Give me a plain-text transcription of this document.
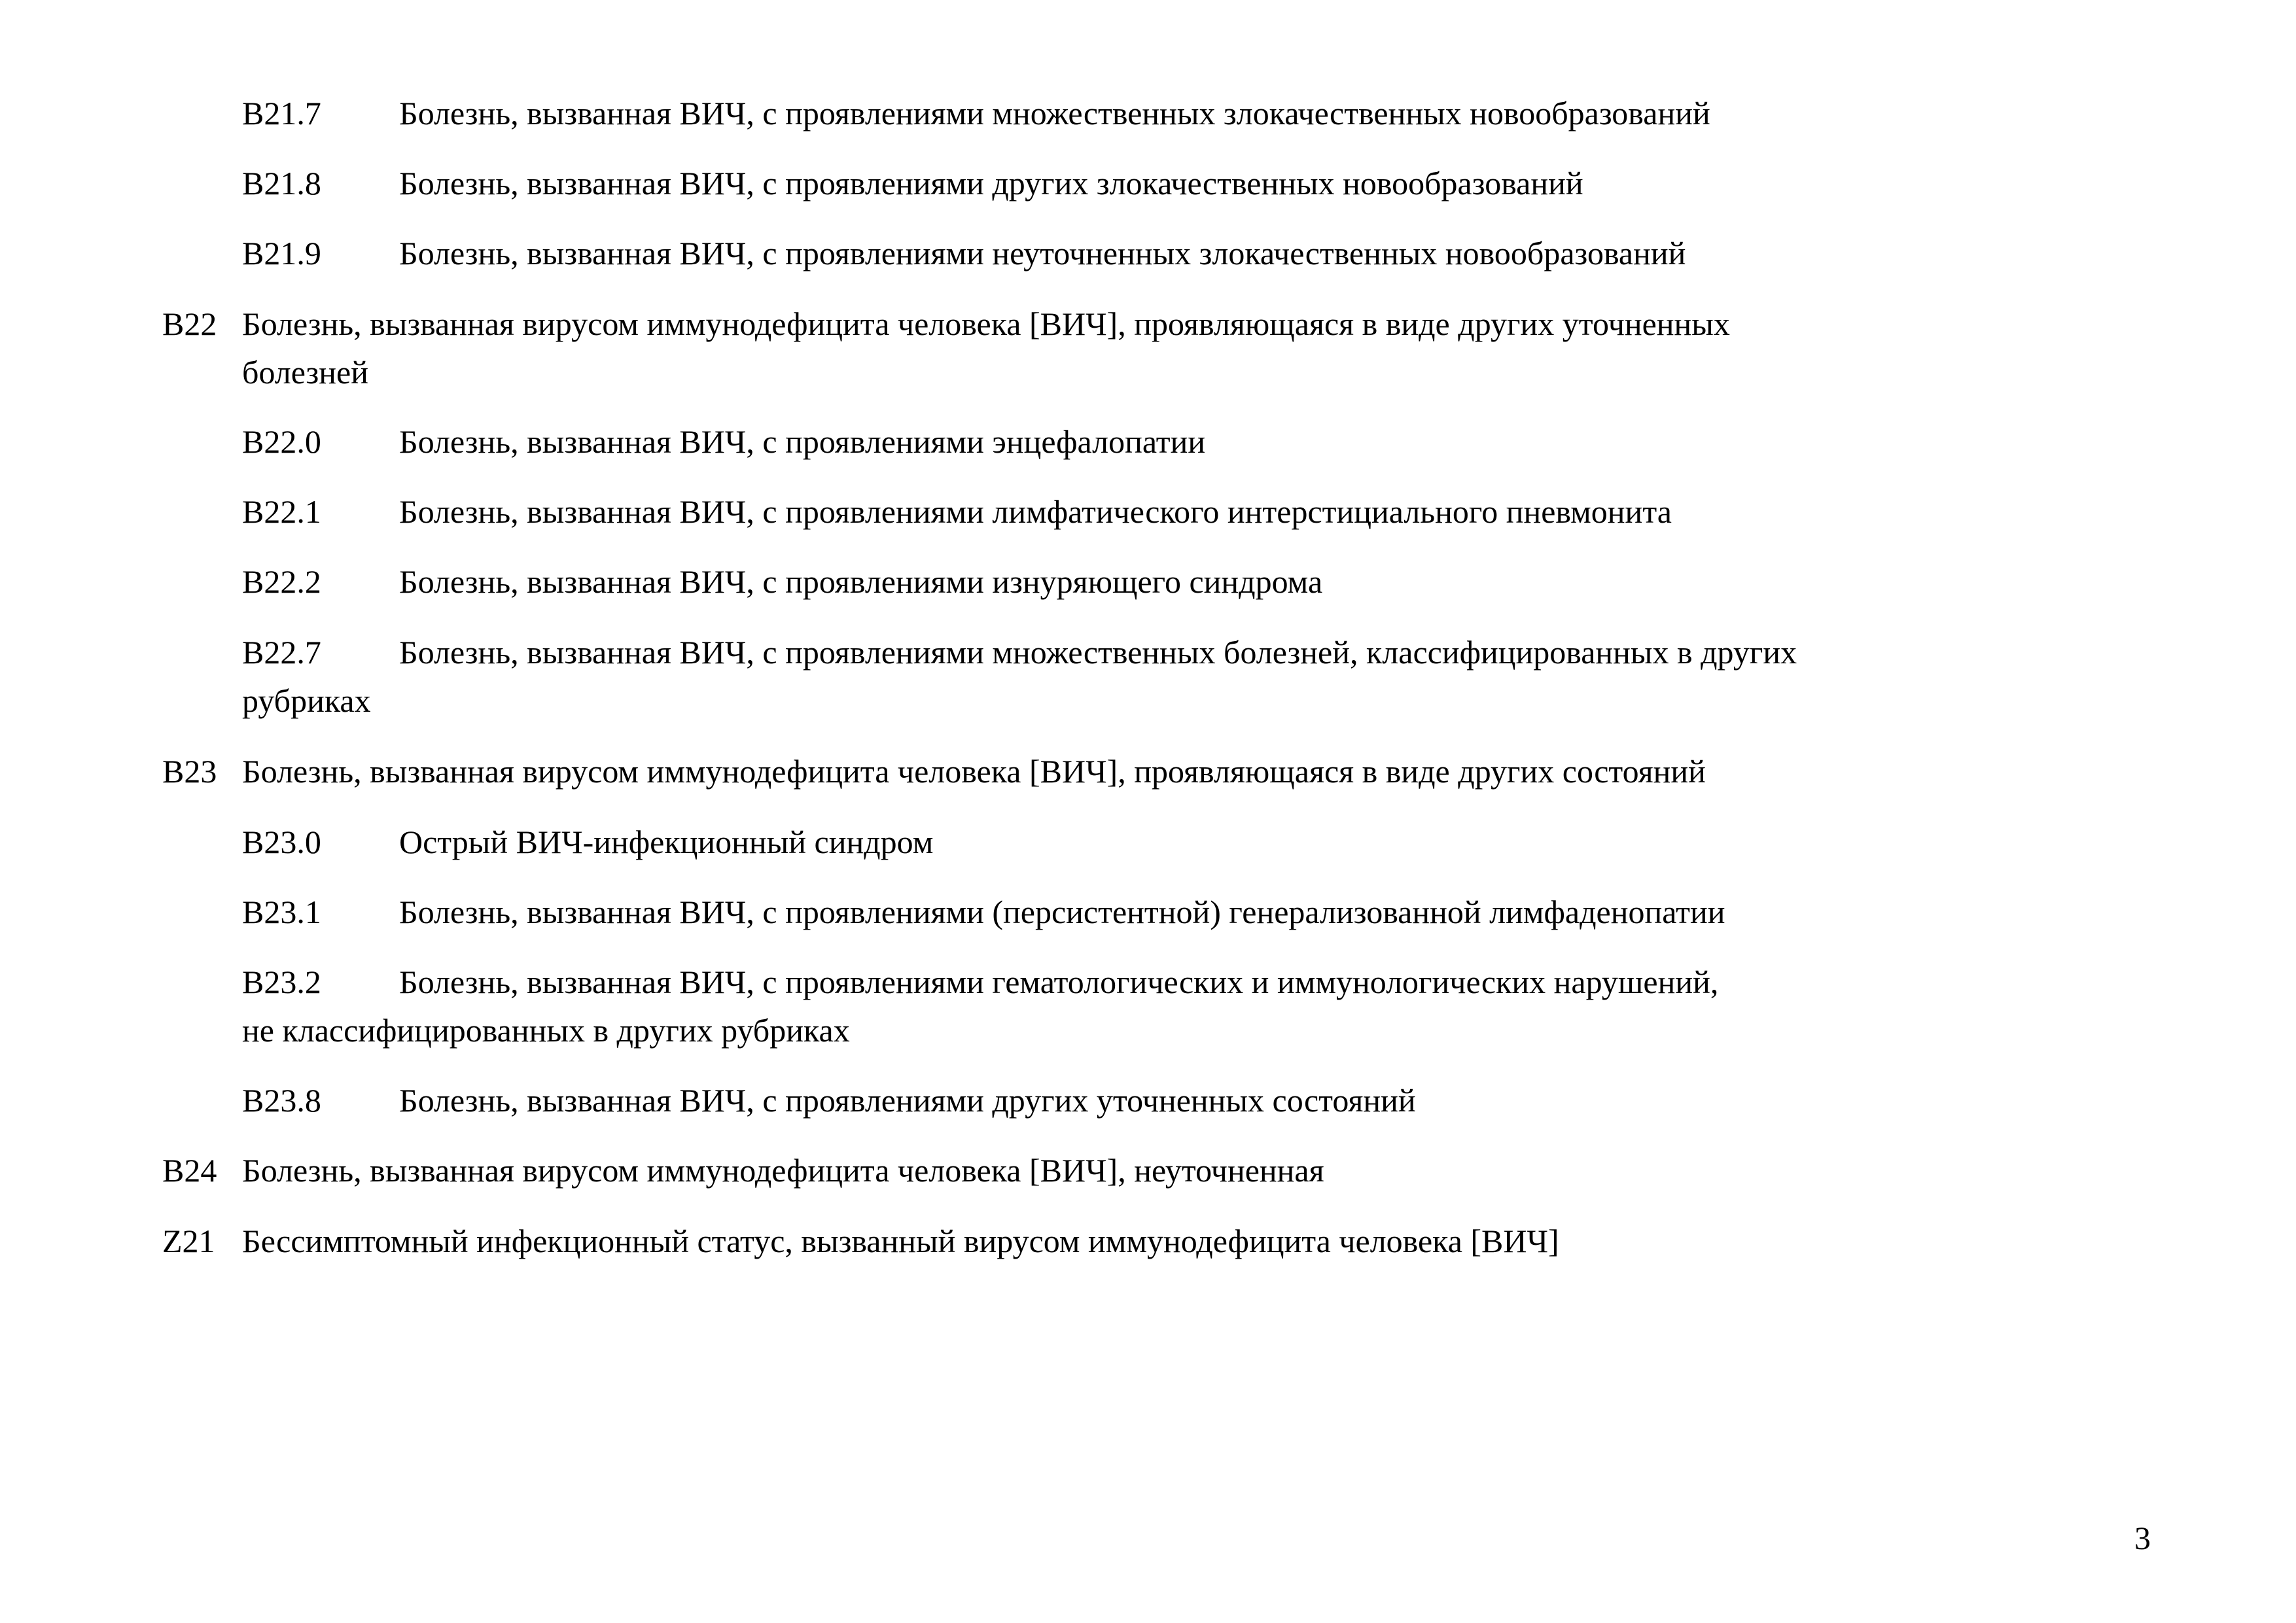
B21.7 Болезнь, вызванная ВИЧ, с проявлениями множественных злокачественных новообразований
B21.8 Болезнь, вызванная ВИЧ, с проявлениями других злокачественных новообразований
B21.9 Болезнь, вызванная ВИЧ, с проявлениями неуточненных злокачественных новообразований
B22 Болезнь, вызванная вирусом иммунодефицита человека [ВИЧ], проявляющаяся в виде других уточненных
болезней
B22.0 Болезнь, вызванная ВИЧ, с проявлениями энцефалопатии
B22.1 Болезнь, вызванная ВИЧ, с проявлениями лимфатического интерстициального пневмонита
B22.2 Болезнь, вызванная ВИЧ, с проявлениями изнуряющего синдрома
B22.7 Болезнь, вызванная ВИЧ, с проявлениями множественных болезней, классифицированных в других
рубриках
B23 Болезнь, вызванная вирусом иммунодефицита человека [ВИЧ], проявляющаяся в виде других состояний
B23.0 Острый ВИЧ-инфекционный синдром
B23.1 Болезнь, вызванная ВИЧ, с проявлениями (персистентной) генерализованной лимфаденопатии
B23.2 Болезнь, вызванная ВИЧ, с проявлениями гематологических и иммунологических нарушений,
не классифицированных в других рубриках
B23.8 Болезнь, вызванная ВИЧ, с проявлениями других уточненных состояний
B24 Болезнь, вызванная вирусом иммунодефицита человека [ВИЧ], неуточненная
Z21 Бессимптомный инфекционный статус, вызванный вирусом иммунодефицита человека [ВИЧ]
3
